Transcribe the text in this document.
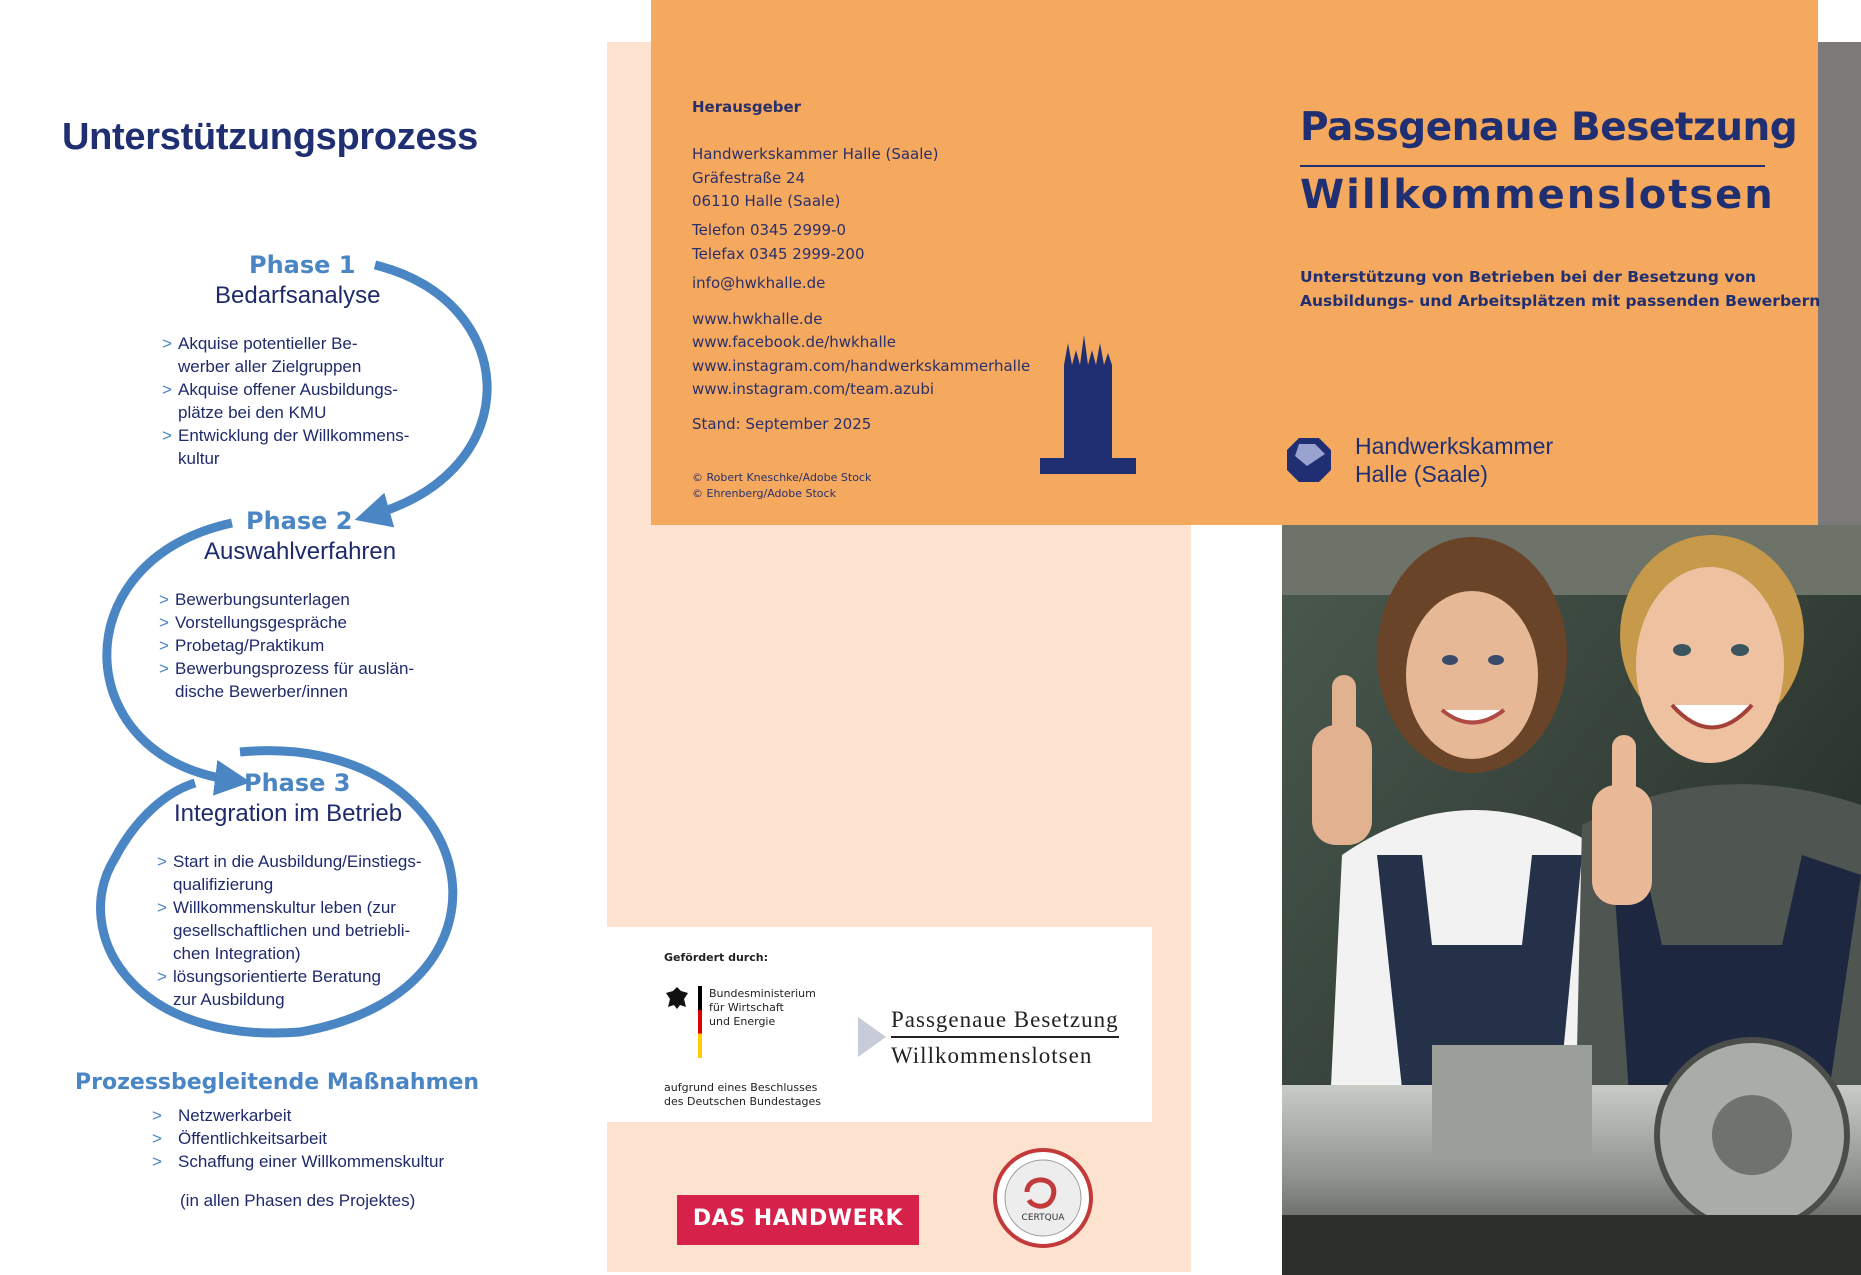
Unterstützungsprozess
Phase 1
Bedarfsanalyse
> Akquise potentieller Be-
werber aller Zielgruppen
> Akquise offener Ausbildungs-
plätze bei den KMU
> Entwicklung der Willkommens-
kultur
Phase 2
Auswahlverfahren
> Bewerbungsunterlagen
> Vorstellungsgespräche
> Probetag/Praktikum
> Bewerbungsprozess für auslän-
dische Bewerber/innen
Phase 3
Integration im Betrieb
> Start in die Ausbildung/Einstiegs-
qualifizierung
> Willkommenskultur leben (zur
gesellschaftlichen und betriebli-
chen Integration)
> lösungsorientierte Beratung
zur Ausbildung
Prozessbegleitende Maßnahmen
> Netzwerkarbeit
> Öffentlichkeitsarbeit
> Schaffung einer Willkommenskultur
(in allen Phasen des Projektes)
Herausgeber
Handwerkskammer Halle (Saale)
Gräfestraße 24
06110 Halle (Saale)
Telefon 0345 2999-0
Telefax 0345 2999-200
info@hwkhalle.de
www.hwkhalle.de
www.facebook.de/hwkhalle
www.instagram.com/handwerkskammerhalle
www.instagram.com/team.azubi
Stand: September 2025
© Robert Kneschke/Adobe Stock
© Ehrenberg/Adobe Stock
Gefördert durch:
Bundesministerium
für Wirtschaft
und Energie
aufgrund eines Beschlusses
des Deutschen Bundestages
Passgenaue Besetzung
Willkommenslotsen
DAS HANDWERK	CERTQUA
Passgenaue Besetzung
Willkommenslotsen
Unterstützung von Betrieben bei der Besetzung von
Ausbildungs- und Arbeitsplätzen mit passenden Bewerbern
Handwerkskammer
Halle (Saale)
